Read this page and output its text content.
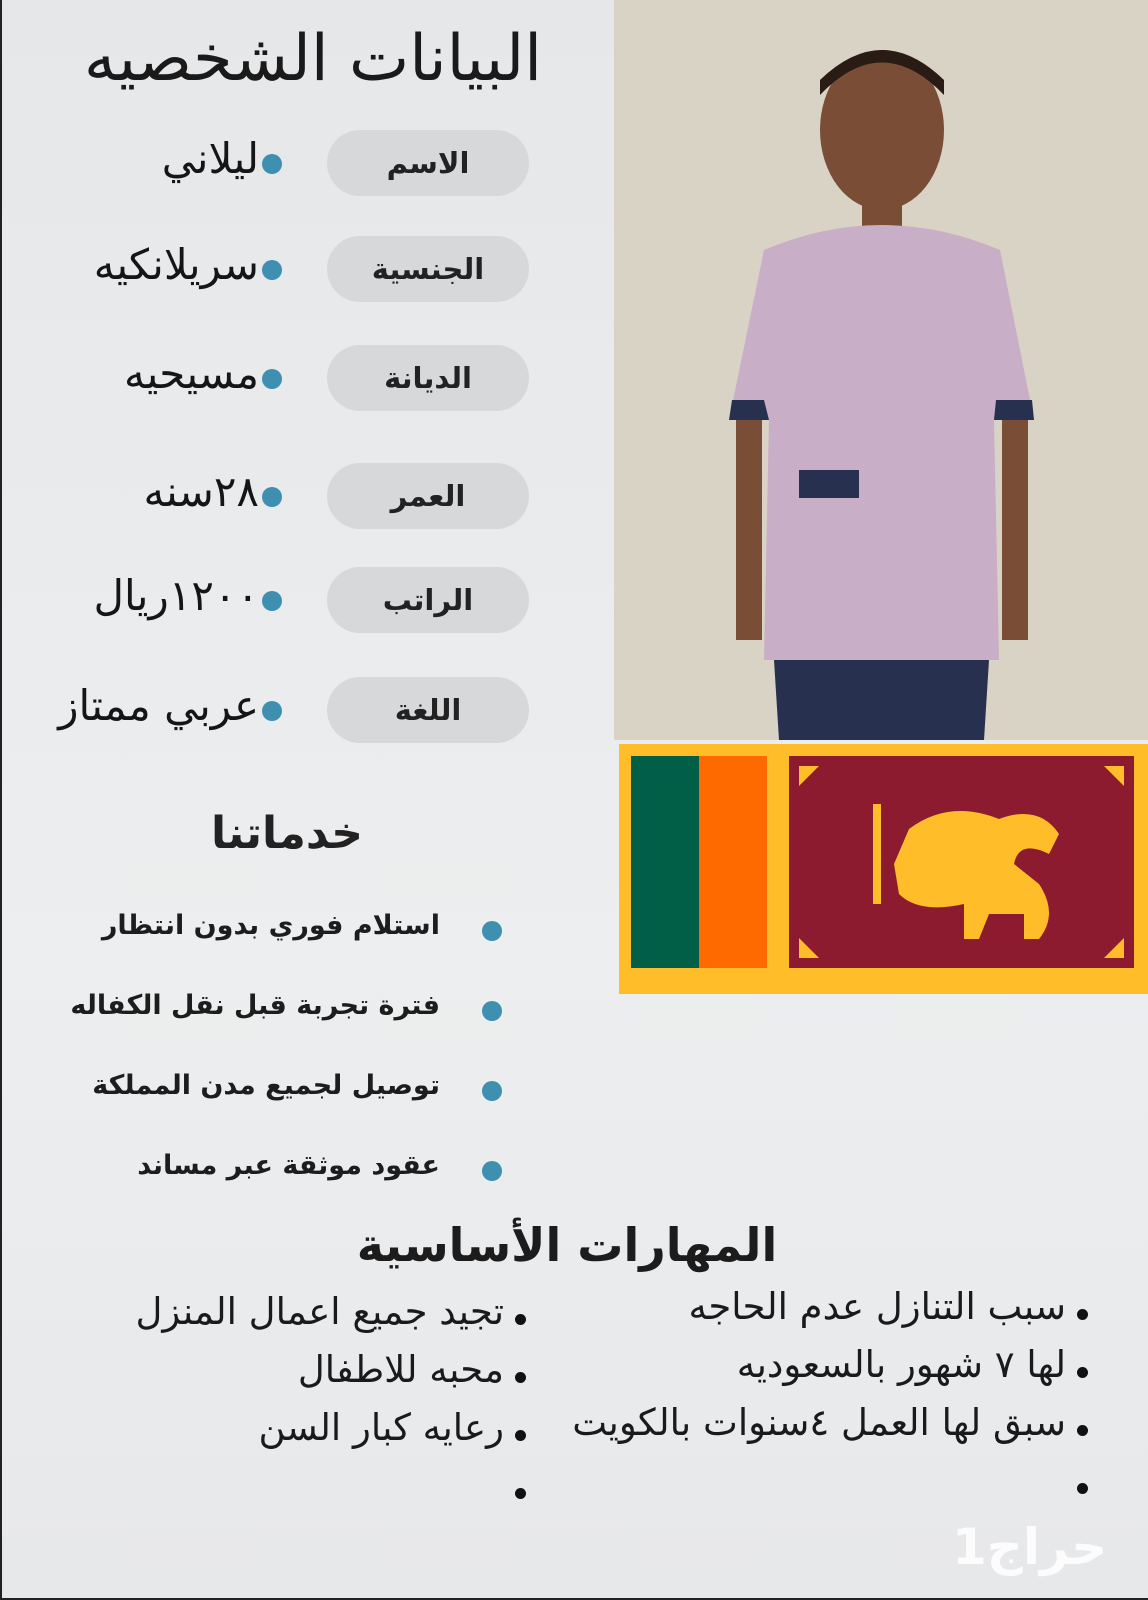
البيانات الشخصيه
الاسم
ليلاني
الجنسية
سريلانكيه
الديانة
مسيحيه
العمر
٢٨سنه
الراتب
١٢٠٠ريال
اللغة
عربي ممتاز
خدماتنا
استلام فوري بدون انتظار
فترة تجربة قبل نقل الكفاله
توصيل لجميع مدن المملكة
عقود موثقة عبر مساند
المهارات الأساسية
تجيد جميع اعمال المنزل
محبه للاطفال
رعايه كبار السن
سبب التنازل عدم الحاجه
لها ٧ شهور بالسعوديه
سبق لها العمل ٤سنوات بالكويت
حراج1
